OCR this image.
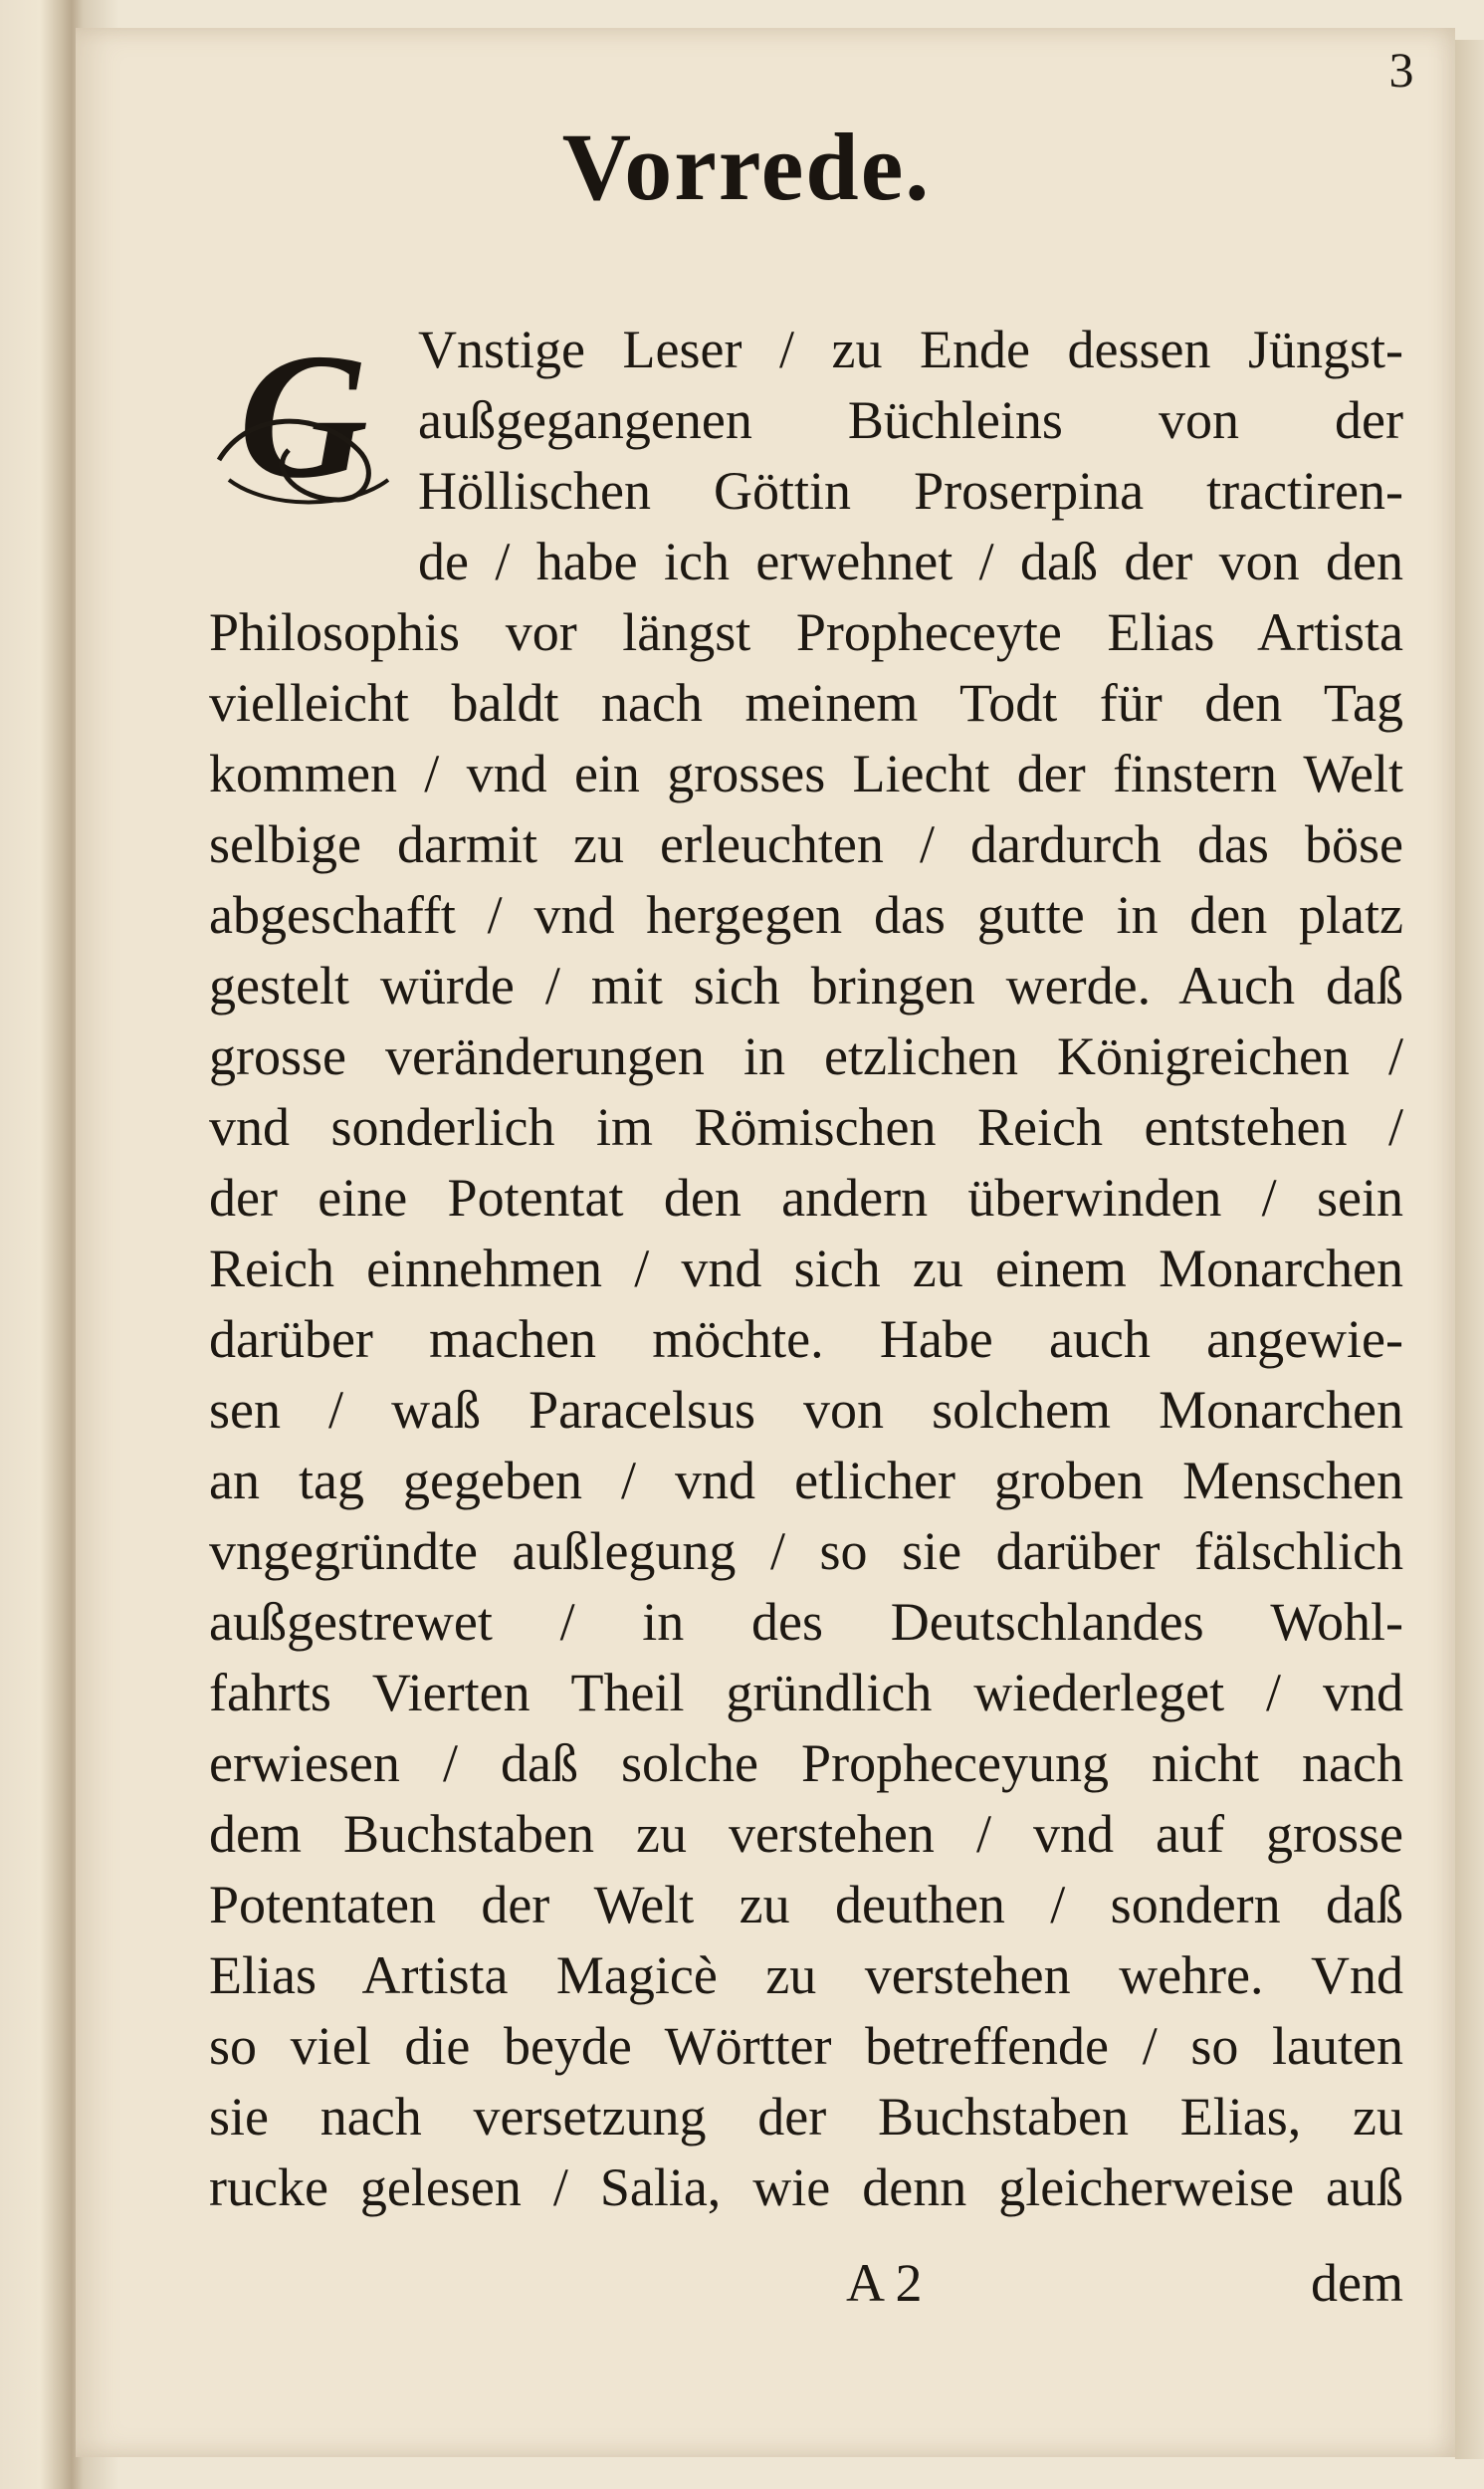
3
Vorrede.
G Vnstige Leser / zu Ende dessen Jüngst-
außgegangenen Büchleins von der
Höllischen Göttin Proserpina tractiren-
de / habe ich erwehnet / daß der von den
Philosophis vor längst Propheceyte Elias Artista
vielleicht baldt nach meinem Todt für den Tag
kommen / vnd ein grosses Liecht der finstern Welt
selbige darmit zu erleuchten / dardurch das böse
abgeschafft / vnd hergegen das gutte in den platz
gestelt würde / mit sich bringen werde. Auch daß
grosse veränderungen in etzlichen Königreichen /
vnd sonderlich im Römischen Reich entstehen /
der eine Potentat den andern überwinden / sein
Reich einnehmen / vnd sich zu einem Monarchen
darüber machen möchte. Habe auch angewie-
sen / waß Paracelsus von solchem Monarchen
an tag gegeben / vnd etlicher groben Menschen
vngegründte außlegung / so sie darüber fälschlich
außgestrewet / in des Deutschlandes Wohl-
fahrts Vierten Theil gründlich wiederleget / vnd
erwiesen / daß solche Propheceyung nicht nach
dem Buchstaben zu verstehen / vnd auf grosse
Potentaten der Welt zu deuthen / sondern daß
Elias Artista Magicè zu verstehen wehre. Vnd
so viel die beyde Wörtter betreffende / so lauten
sie nach versetzung der Buchstaben Elias, zu
rucke gelesen / Salia, wie denn gleicherweise auß
A 2	dem
